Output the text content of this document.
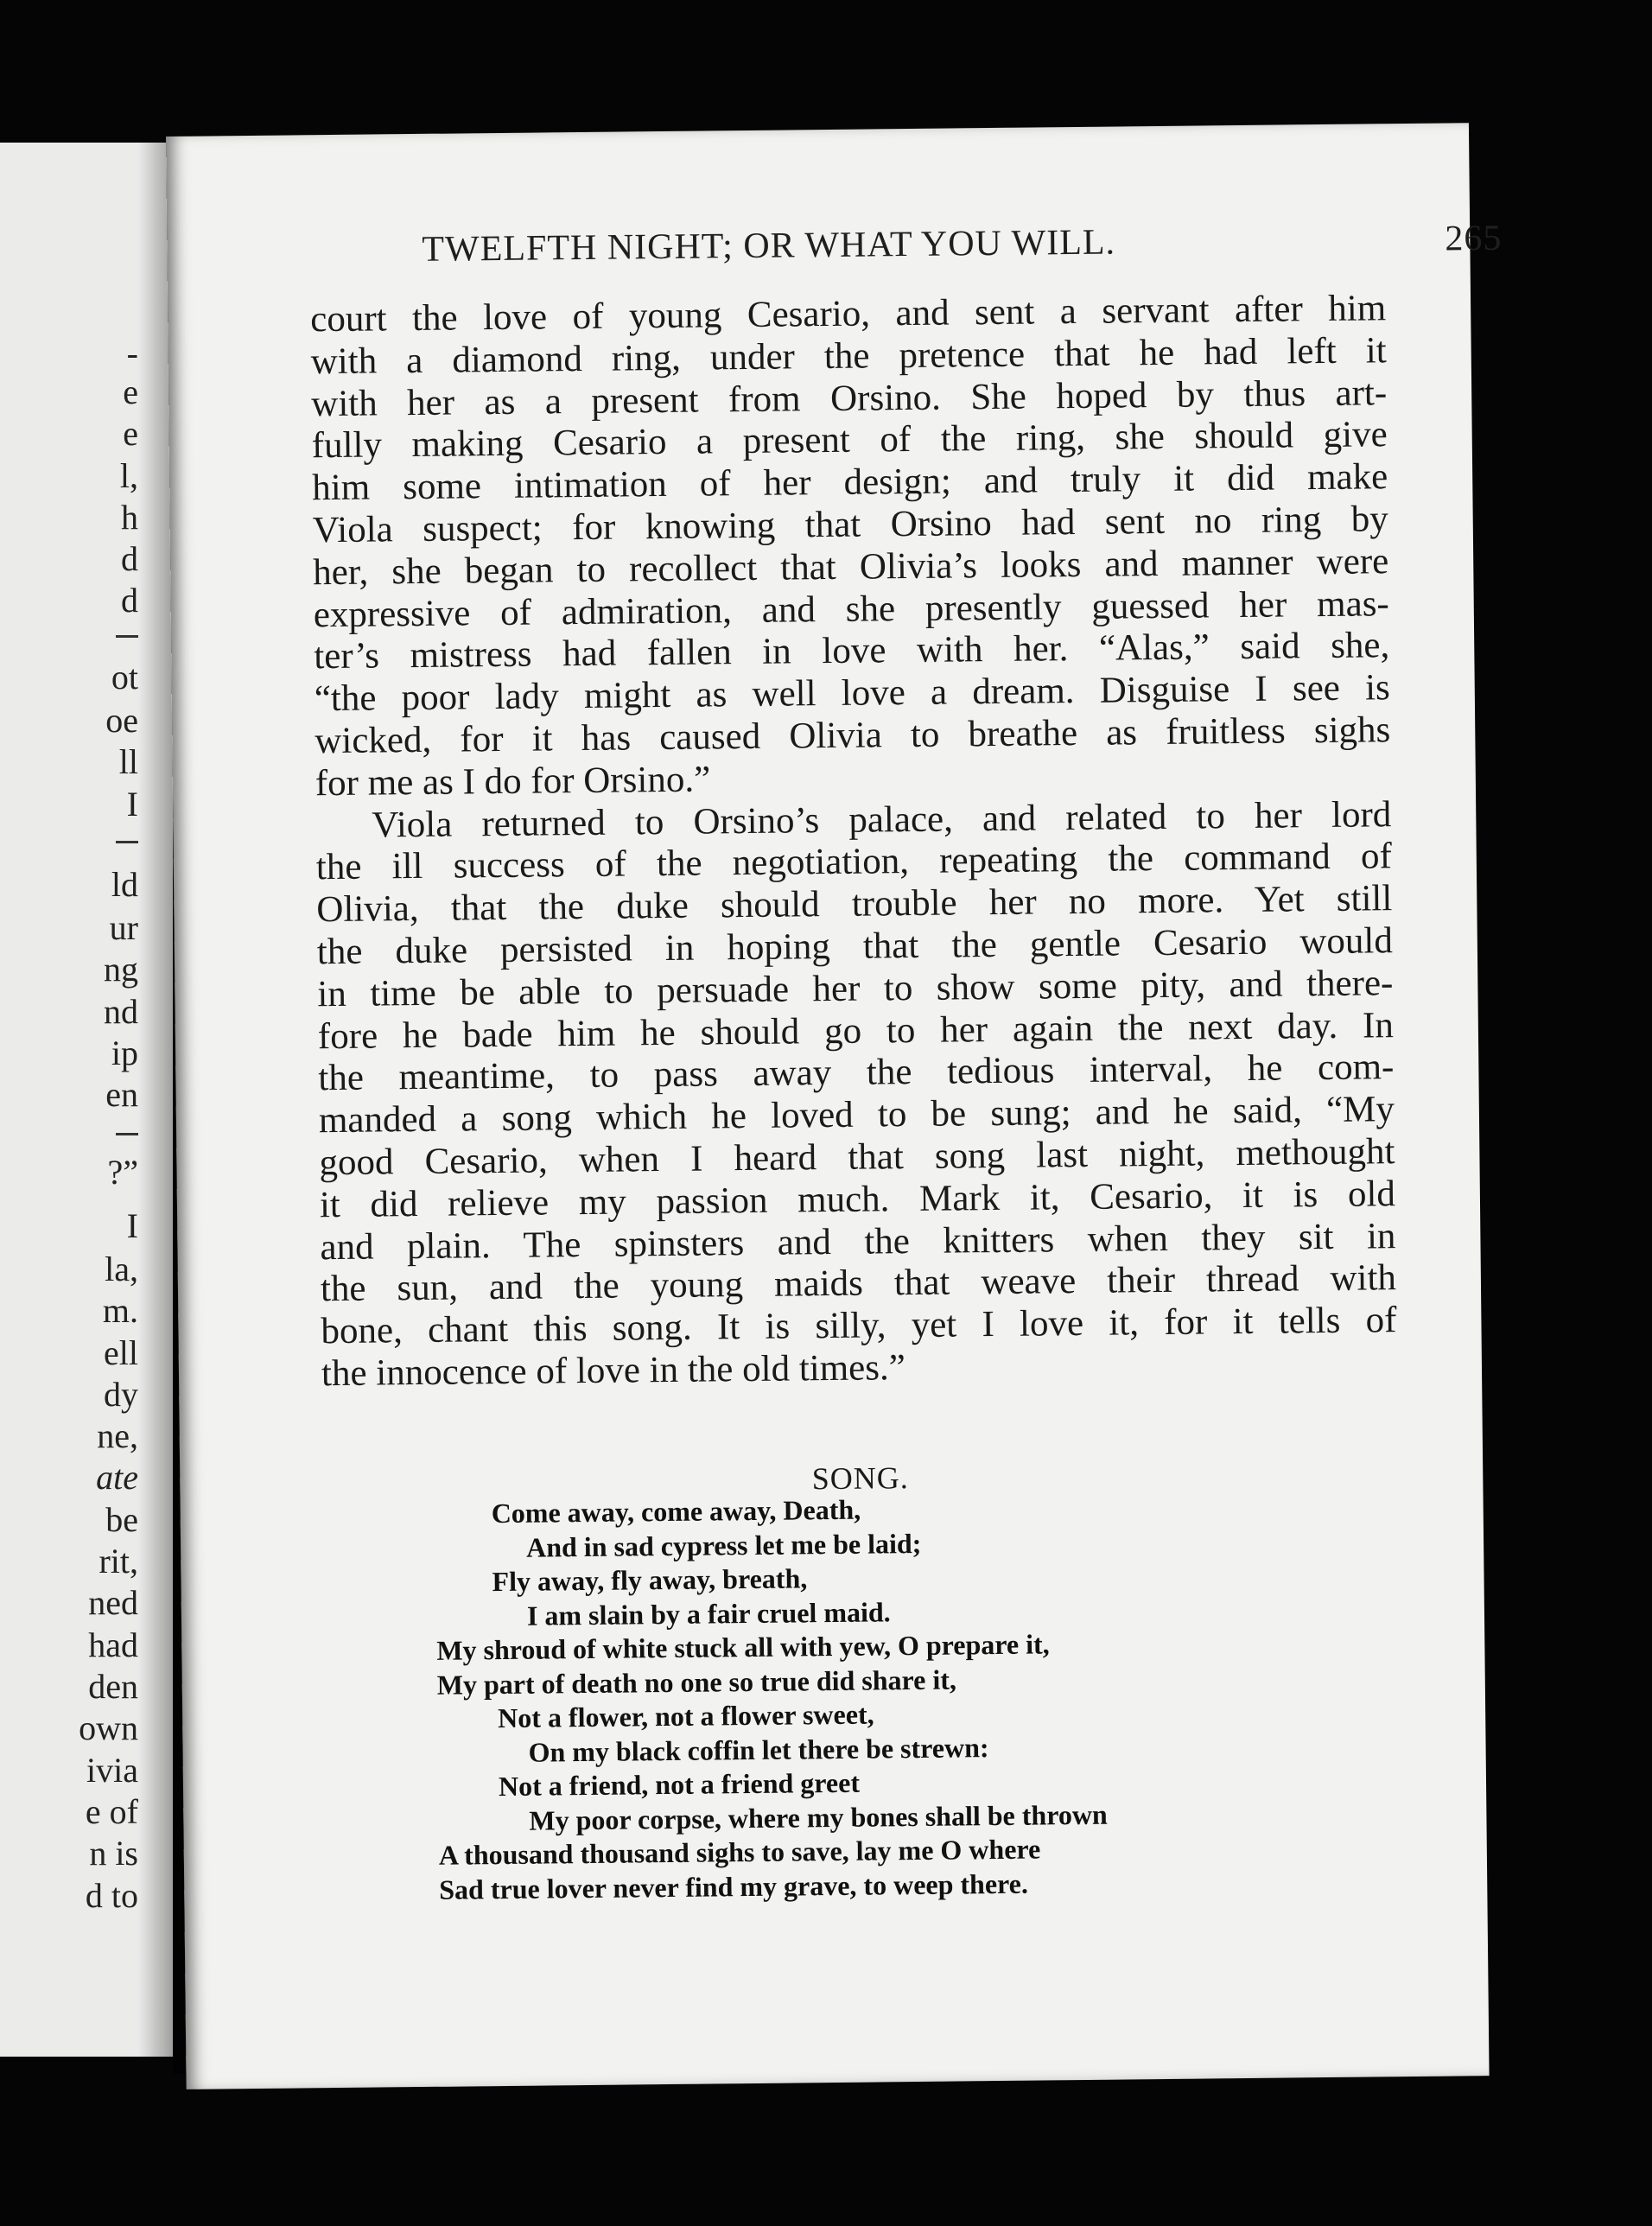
-
e
e
l,
h
d
d
ot
oe
ll
I
ld
ur
ng
nd
ip
en
?”
I
la,
m.
ell
dy
ne,
ate
be
rit,
ned
had
den
own
ivia
e of
n is
d to
TWELFTH NIGHT; OR WHAT YOU WILL.	265
court the love of young Cesario, and sent a servant after him
with a diamond ring, under the pretence that he had left it
with her as a present from Orsino. She hoped by thus art-
fully making Cesario a present of the ring, she should give
him some intimation of her design; and truly it did make
Viola suspect; for knowing that Orsino had sent no ring by
her, she began to recollect that Olivia’s looks and manner were
expressive of admiration, and she presently guessed her mas-
ter’s mistress had fallen in love with her. “Alas,” said she,
“the poor lady might as well love a dream. Disguise I see is
wicked, for it has caused Olivia to breathe as fruitless sighs
for me as I do for Orsino.”
Viola returned to Orsino’s palace, and related to her lord
the ill success of the negotiation, repeating the command of
Olivia, that the duke should trouble her no more. Yet still
the duke persisted in hoping that the gentle Cesario would
in time be able to persuade her to show some pity, and there-
fore he bade him he should go to her again the next day. In
the meantime, to pass away the tedious interval, he com-
manded a song which he loved to be sung; and he said, “My
good Cesario, when I heard that song last night, methought
it did relieve my passion much. Mark it, Cesario, it is old
and plain. The spinsters and the knitters when they sit in
the sun, and the young maids that weave their thread with
bone, chant this song. It is silly, yet I love it, for it tells of
the innocence of love in the old times.”
SONG.
Come away, come away, Death,
And in sad cypress let me be laid;
Fly away, fly away, breath,
I am slain by a fair cruel maid.
My shroud of white stuck all with yew, O prepare it,
My part of death no one so true did share it,
Not a flower, not a flower sweet,
On my black coffin let there be strewn:
Not a friend, not a friend greet
My poor corpse, where my bones shall be thrown
A thousand thousand sighs to save, lay me O where
Sad true lover never find my grave, to weep there.
